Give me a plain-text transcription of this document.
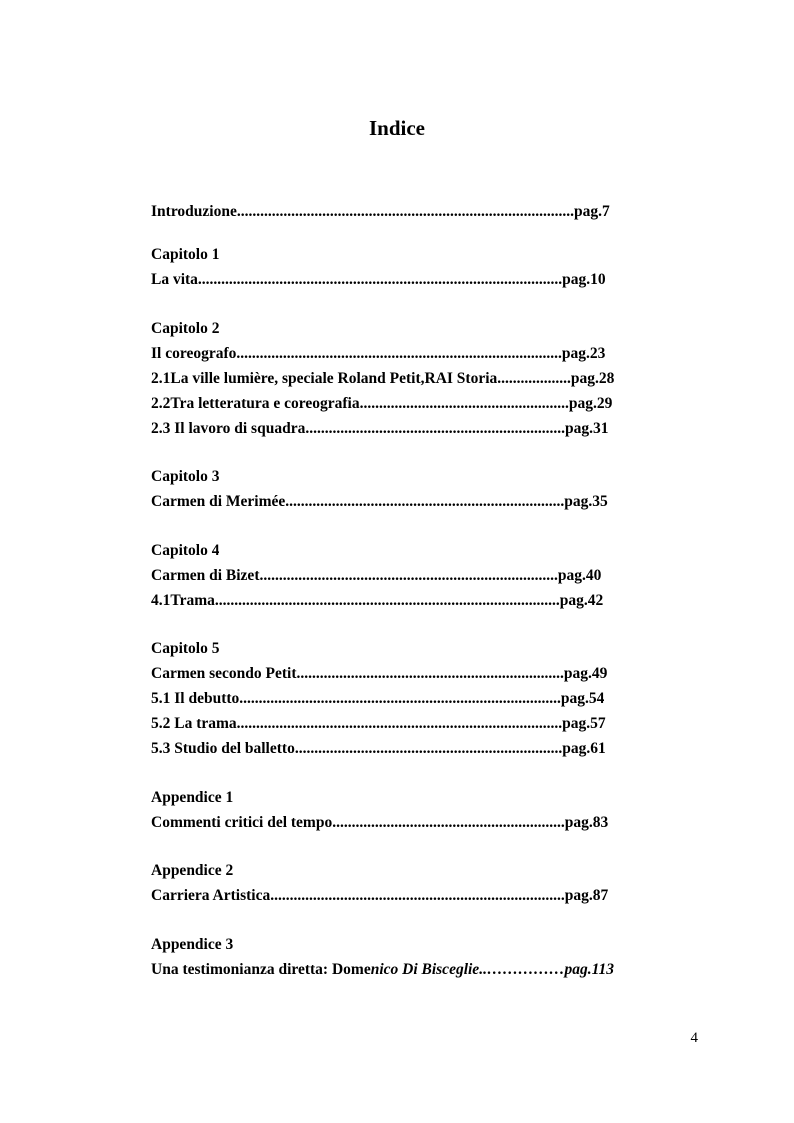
Indice
Introduzione.......................................................................................pag.7
Capitolo 1
La vita..............................................................................................pag.10
Capitolo 2
Il coreografo....................................................................................pag.23
2.1La ville lumière, speciale Roland Petit,RAI Storia...................pag.28
2.2Tra letteratura e coreografia......................................................pag.29
2.3 Il lavoro di squadra...................................................................pag.31
Capitolo 3
Carmen di Merimée........................................................................pag.35
Capitolo 4
Carmen di Bizet.............................................................................pag.40
4.1Trama.........................................................................................pag.42
Capitolo 5
Carmen secondo Petit.....................................................................pag.49
5.1 Il debutto...................................................................................pag.54
5.2 La trama....................................................................................pag.57
5.3 Studio del balletto.....................................................................pag.61
Appendice 1
Commenti critici del tempo............................................................pag.83
Appendice 2
Carriera Artistica............................................................................pag.87
Appendice 3
Una testimonianza diretta: Domenico Di Bisceglie..……………pag.113
4
